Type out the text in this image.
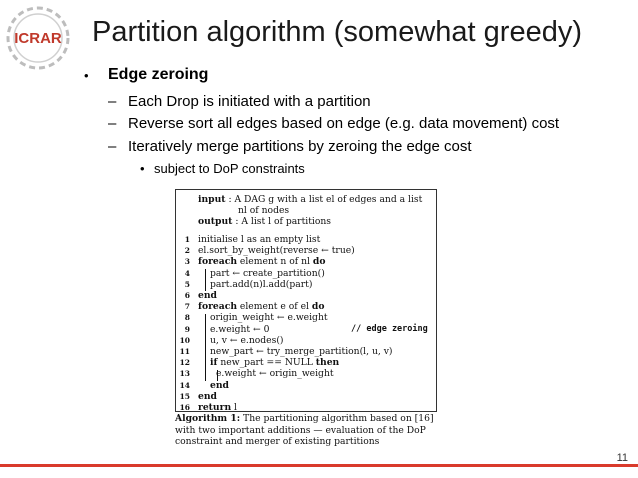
ICRAR Partition algorithm (somewhat greedy)
• Edge zeroing
– Each Drop is initiated with a partition
– Reverse sort all edges based on edge (e.g. data movement) cost
– Iteratively merge partitions by zeroing the edge cost
• subject to DoP constraints
input : A DAG g with a list el of edges and a list
nl of nodes
output : A list l of partitions
1 initialise l as an empty list
2 el.sort_by_weight(reverse ← true)
3 foreach element n of nl do
4 part ← create_partition()
5 part.add(n)l.add(part)
6 end
7 foreach element e of el do
8 origin_weight ← e.weight
9 e.weight ← 0	// edge zeroing
10 u, v ← e.nodes()
11 new_part ← try_merge_partition(l, u, v)
12 if new_part == NULL then
13	e.weight ← origin_weight
14 end
15 end
16 return l
Algorithm 1: The partitioning algorithm based on [16] with two important additions — evaluation of the DoP constraint and merger of existing partitions
11
